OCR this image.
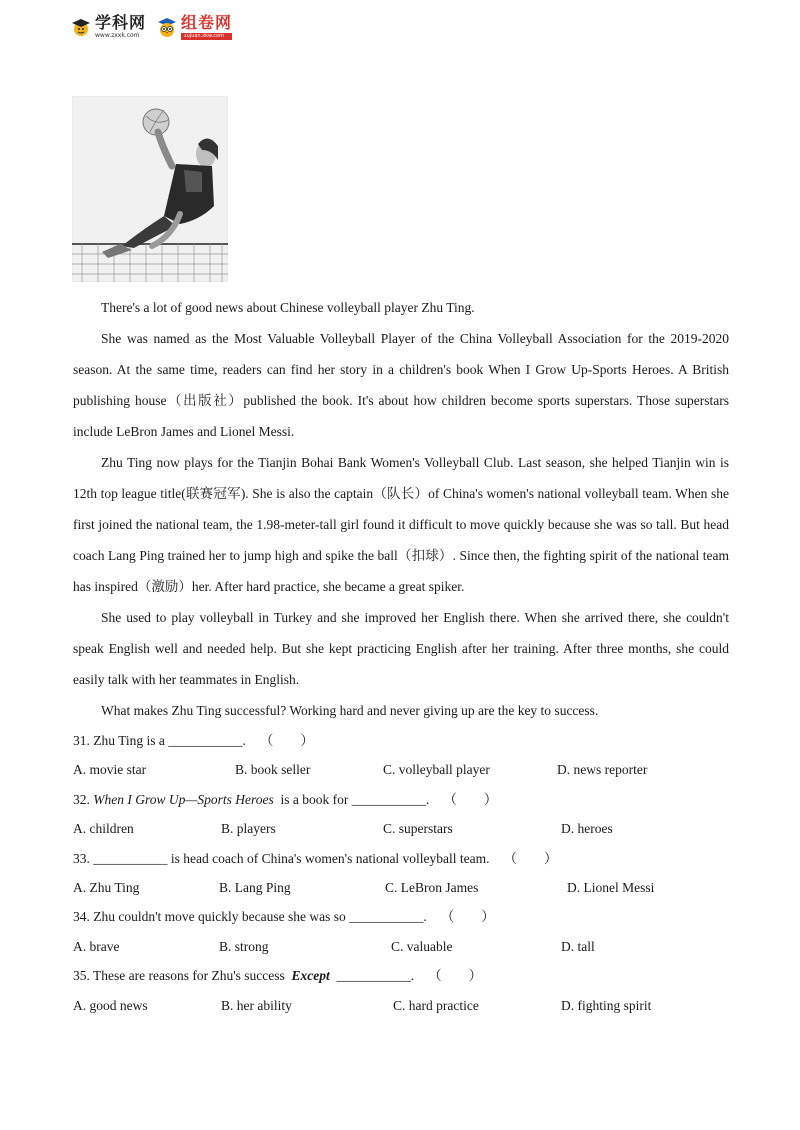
学科网
www.zxxk.com
组卷网
zujuan.xkw.com

There's a lot of good news about Chinese volleyball player Zhu Ting.

She was named as the Most Valuable Volleyball Player of the China Volleyball Association for the 2019-2020 season. At the same time, readers can find her story in a children's book When I Grow Up-Sports Heroes. A British publishing house（出版社）published the book. It's about how children become sports superstars. Those superstars include LeBron James and Lionel Messi.

Zhu Ting now plays for the Tianjin Bohai Bank Women's Volleyball Club. Last season, she helped Tianjin win is 12th top league title(联赛冠军). She is also the captain（队长）of China's women's national volleyball team. When she first joined the national team, the 1.98-meter-tall girl found it difficult to move quickly because she was so tall. But head coach Lang Ping trained her to jump high and spike the ball（扣球）. Since then, the fighting spirit of the national team has inspired（激励）her. After hard practice, she became a great spiker.

She used to play volleyball in Turkey and she improved her English there. When she arrived there, she couldn't speak English well and needed help. But she kept practicing English after her training. After three months, she could easily talk with her teammates in English.

What makes Zhu Ting successful? Working hard and never giving up are the key to success.

31. Zhu Ting is a ___________. （　　）
A. movie star	B. book seller	C. volleyball player	D. news reporter
32. When I Grow Up—Sports Heroes  is a book for ___________. （　　）
A. children	B. players	C. superstars	D. heroes
33. ___________ is head coach of China's women's national volleyball team. （　　）
A. Zhu Ting	B. Lang Ping	C. LeBron James	D. Lionel Messi
34. Zhu couldn't move quickly because she was so ___________. （　　）
A. brave	B. strong	C. valuable	D. tall
35. These are reasons for Zhu's success  Except ___________. （　　）
A. good news	B. her ability	C. hard practice	D. fighting spirit
